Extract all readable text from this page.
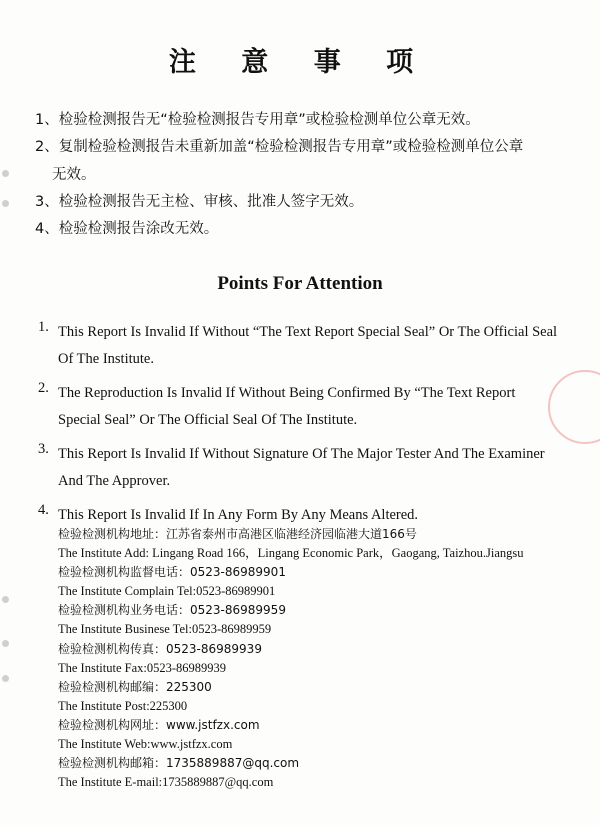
注 意 事 项
1、检验检测报告无“检验检测报告专用章”或检验检测单位公章无效。
2、复制检验检测报告未重新加盖“检验检测报告专用章”或检验检测单位公章
无效。
3、检验检测报告无主检、审核、批准人签字无效。
4、检验检测报告涂改无效。
Points For Attention
1. This Report Is Invalid If Without “The Text Report Special Seal” Or The Official Seal Of The Institute.
2. The Reproduction Is Invalid If Without Being Confirmed By “The Text Report Special Seal” Or The Official Seal Of The Institute.
3. This Report Is Invalid If Without Signature Of The Major Tester And The Examiner And The Approver.
4. This Report Is Invalid If In Any Form By Any Means Altered.
检验检测机构地址：江苏省泰州市高港区临港经济园临港大道166号
The Institute Add: Lingang Road 166，Lingang Economic Park，Gaogang, Taizhou.Jiangsu
检验检测机构监督电话：0523-86989901
The Institute Complain Tel:0523-86989901
检验检测机构业务电话：0523-86989959
The Institute Businese Tel:0523-86989959
检验检测机构传真：0523-86989939
The Institute Fax:0523-86989939
检验检测机构邮编：225300
The Institute Post:225300
检验检测机构网址：www.jstfzx.com
The Institute Web:www.jstfzx.com
检验检测机构邮箱：1735889887@qq.com
The Institute E-mail:1735889887@qq.com
